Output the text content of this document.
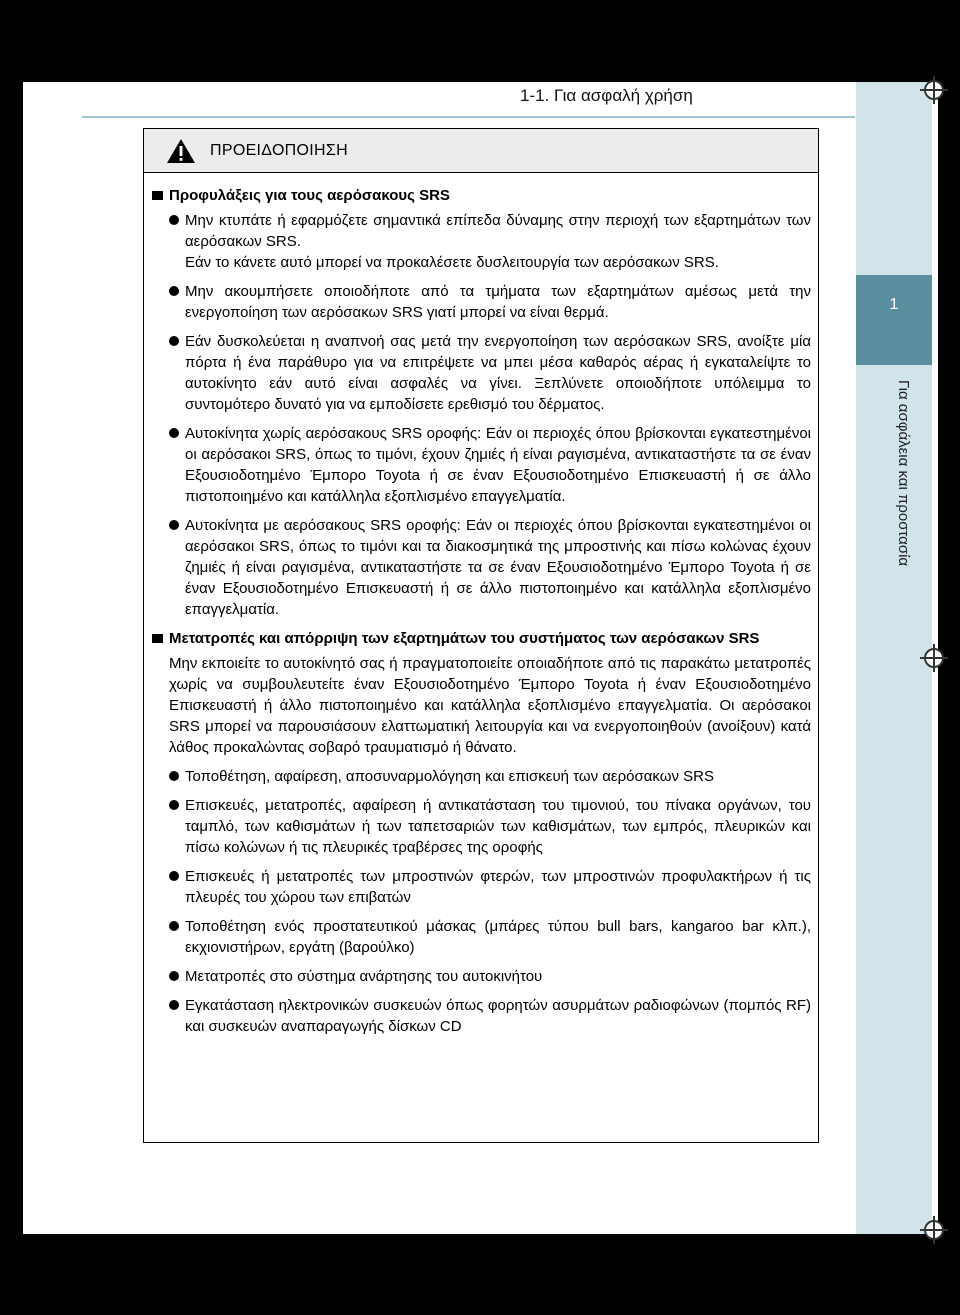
1
Για ασφάλεια και προστασία
1-1. Για ασφαλή χρήση
ΠΡΟΕΙΔΟΠΟΙΗΣΗ
Προφυλάξεις για τους αερόσακους SRS
Μην κτυπάτε ή εφαρμόζετε σημαντικά επίπεδα δύναμης στην περιοχή των εξαρτημάτων των αερόσακων SRS.
Εάν το κάνετε αυτό μπορεί να προκαλέσετε δυσλειτουργία των αερόσακων SRS.
Μην ακουμπήσετε οποιοδήποτε από τα τμήματα των εξαρτημάτων αμέσως μετά την ενεργοποίηση των αερόσακων SRS γιατί μπορεί να είναι θερμά.
Εάν δυσκολεύεται η αναπνοή σας μετά την ενεργοποίηση των αερόσακων SRS, ανοίξτε μία πόρτα ή ένα παράθυρο για να επιτρέψετε να μπει μέσα καθαρός αέρας ή εγκαταλείψτε το αυτοκίνητο εάν αυτό είναι ασφαλές να γίνει. Ξεπλύνετε οποιοδήποτε υπόλειμμα το συντομότερο δυνατό για να εμποδίσετε ερεθισμό του δέρματος.
Αυτοκίνητα χωρίς αερόσακους SRS οροφής: Εάν οι περιοχές όπου βρίσκονται εγκατεστημένοι οι αερόσακοι SRS, όπως το τιμόνι, έχουν ζημιές ή είναι ραγισμένα, αντικαταστήστε τα σε έναν Εξουσιοδοτημένο Έμπορο Toyota ή σε έναν Εξουσιοδοτημένο Επισκευαστή ή σε άλλο πιστοποιημένο και κατάλληλα εξοπλισμένο επαγγελματία.
Αυτοκίνητα με αερόσακους SRS οροφής: Εάν οι περιοχές όπου βρίσκονται εγκατεστημένοι οι αερόσακοι SRS, όπως το τιμόνι και τα διακοσμητικά της μπροστινής και πίσω κολώνας έχουν ζημιές ή είναι ραγισμένα, αντικαταστήστε τα σε έναν Εξουσιοδοτημένο Έμπορο Toyota ή σε έναν Εξουσιοδοτημένο Επισκευαστή ή σε άλλο πιστοποιημένο και κατάλληλα εξοπλισμένο επαγγελματία.
Μετατροπές και απόρριψη των εξαρτημάτων του συστήματος των αερόσακων SRS
Μην εκποιείτε το αυτοκίνητό σας ή πραγματοποιείτε οποιαδήποτε από τις παρακάτω μετατροπές χωρίς να συμβουλευτείτε έναν Εξουσιοδοτημένο Έμπορο Toyota ή έναν Εξουσιοδοτημένο Επισκευαστή ή άλλο πιστοποιημένο και κατάλληλα εξοπλισμένο επαγγελματία. Οι αερόσακοι SRS μπορεί να παρουσιάσουν ελαττωματική λειτουργία και να ενεργοποιηθούν (ανοίξουν) κατά λάθος προκαλώντας σοβαρό τραυματισμό ή θάνατο.
Τοποθέτηση, αφαίρεση, αποσυναρμολόγηση και επισκευή των αερόσακων SRS
Επισκευές, μετατροπές, αφαίρεση ή αντικατάσταση του τιμονιού, του πίνακα οργάνων, του ταμπλό, των καθισμάτων ή των ταπετσαριών των καθισμάτων, των εμπρός, πλευρικών και πίσω κολώνων ή τις πλευρικές τραβέρσες της οροφής
Επισκευές ή μετατροπές των μπροστινών φτερών, των μπροστινών προφυλακτήρων ή τις πλευρές του χώρου των επιβατών
Τοποθέτηση ενός προστατευτικού μάσκας (μπάρες τύπου bull bars, kangaroo bar κλπ.), εκχιονιστήρων, εργάτη (βαρούλκο)
Μετατροπές στο σύστημα ανάρτησης του αυτοκινήτου
Εγκατάσταση ηλεκτρονικών συσκευών όπως φορητών ασυρμάτων ραδιοφώνων (πομπός RF) και συσκευών αναπαραγωγής δίσκων CD
